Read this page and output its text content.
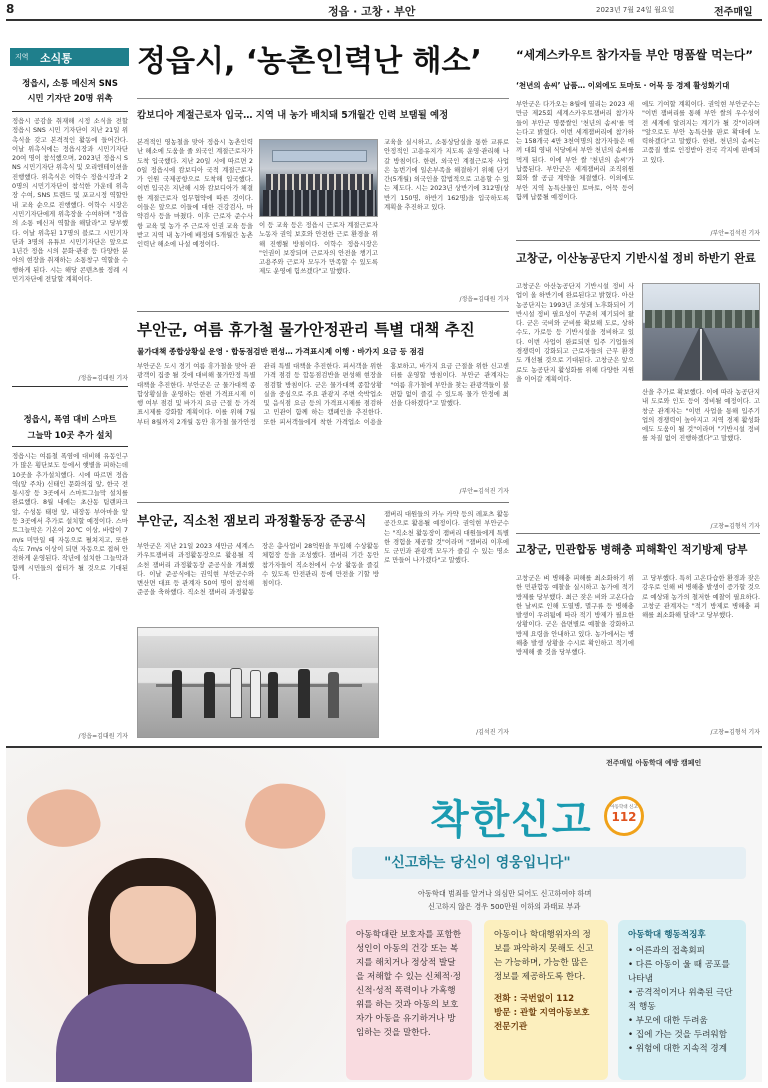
8	정읍 · 고창 · 부안	2023년 7월 24일 월요일	전주매일
지역 소식통
정읍시, 소통 메신저 SNS
시민 기자단 20명 위촉
정읍시 공감을 취재해 시정 소식을 전할 정읍시 SNS 시민 기자단이 지난 21일 위촉식을 갖고 본격적인 활동에 들어간다. 이날 위촉식에는 정읍시장과 시민기자단 20여 명이 참석했으며, 2023년 정읍시 SNS 시민기자단 위촉식 및 오리엔테이션을 진행했다. 위촉식은 이학수 정읍시장과 20명의 시민기자단이 참석한 가운데 위촉장 수여, SNS 트렌드 및 포교시정 역할안내 교육 순으로 진행했다. 이학수 시장은 시민기자단에게 위촉장을 수여하며 "정읍의 소통 메신저 역할을 해달라"고 당부했다. 이날 위촉된 17명의 블로그 시민기자단과 3명의 유튜브 시민기자단은 앞으로 1년간 정읍 시의 문화·관광 등 다양한 분야의 현장을 취재하는 소통창구 역할을 수행하게 된다. 시는 해당 콘텐츠를 정례 시민기자단에 전달할 계획이다.
/정읍=김대원 기자
정읍시, 폭염 대비 스마트
그늘막 10곳 추가 설치
정읍시는 여름철 폭염에 대비해 유동인구가 많은 횡단보도 등에서 햇볕을 피하는데 10곳을 추가설치했다. 시에 따르면 정읍역(앞 주차) 신태인 문화의집 앞, 한국 전통시장 등 3곳에서 스마트그늘막 설치를 완료했다. 8월 내에는 초산동 팀랜파크 앞, 수성동 태평 앞, 내장동 부아마을 앞 등 3곳에서 추가로 설치할 예정이다. 스마트그늘막은 기온이 20℃ 이상, 바람이 7m/s 미만일 때 자동으로 펼쳐지고, 또한 속도 7m/s 이상이 되면 자동으로 접혀 안전하게 운영된다. 작년에 설치한 그늘막과 함께 시민들의 쉼터가 될 것으로 기대된다.
/정읍=김대원 기자
정읍시, ‘농촌인력난 해소’
캄보디아 계절근로자 입국… 지역 내 농가 배치돼 5개월간 인력 보탬될 예정
본격적인 영농철을 맞아 정읍시 농촌인력난 해소에 도움을 줄 외국인 계절근로자가 도착 입국했다. 지난 20일 시에 따르면 20일 정읍시에 캄보디아 국적 계절근로자가 인원 국제공항으로 도착해 입국했다. 이번 입국은 지난해 시와 캄보디아가 체결한 계절근로자 업무협약에 따른 것이다. 이들은 앞으로 이들에 대한 건강검사, 마약검사 등을 마쳤다. 이후 근로자 준수사항 교육 및 농가 주 근로자 인권 교육 등을 받고 지역 내 농가에 배정돼 5개월간 농촌인력난 해소에 나설 예정이다.
이 등 교육 등은 정읍시 근로자 계절근로자 노동자 권익 보호와 안전한 근로 환경을 위해 진행될 방침이다. 이학수 정읍시장은 "인권이 보장되며 근로자의 안전을 챙기고 고용주와 근로자 모두가 만족할 수 있도록 제도 운영에 힘쓰겠다"고 말했다.
교육을 실시하고, 소통상담실을 통한 교류로 안정적인 고용유지가 지도록 운영·관리해 나갈 방침이다. 한편, 외국인 계절근로자 사업은 농번기에 일손부족을 해결하기 위해 단기간(5개월) 외국인을 합법적으로 고용할 수 있는 제도다. 시는 2023년 상반기에 312명(상반기 150명, 하반기 162명)을 입국하도록 계획을 추진하고 있다.
/정읍=김대원 기자
부안군, 여름 휴가철 물가안정관리 특별 대책 추진
물가대책 종합상황실 운영 · 합동점검반 편성… 가격표시제 이행 · 바가지 요금 등 점검
부안군은 도시 경기 여름 휴가철을 맞아 관광객이 집중 될 것에 대비해 물가안정 특별대책을 추진한다. 부안군은 군 물가대책 종합상황실을 운영하는 한편 가격표시제 이행 여부 점검 및 바가지 요금 근절 등 가격표시제를 강화할 계획이다. 이를 위해 7월부터 8월까지 2개월 동안 휴가철 물가안정관리 특별 대책을 추진한다. 피서객을 위한 가격 점검 등 합동점검반을 편성해 현장을 점검할 방침이다. 군은 물가대책 종합상황실을 중심으로 주요 관광지 주변 숙박업소 및 음식점 요금 등의 가격표시제를 점검하고 민관이 함께 하는 캠페인을 추진한다. 또한 피서객들에게 착한 가격업소 이용을 홍보하고, 바가지 요금 근절을 위한 신고센터를 운영할 방침이다. 부안군 관계자는 "여름 휴가철에 부안을 찾는 관광객들이 불편함 없이 즐길 수 있도록 물가 안정에 최선을 다하겠다"고 말했다.
/부안=김석진 기자
부안군, 직소천 잼보리 과정활동장 준공식
부안군은 지난 21일 2023 새만금 세계스카우트잼버리 과정활동장으로 활용될 직소천 잼버리 과정활동장 준공식을 개최했다. 이날 준공식에는 권익현 부안군수와 변산면 대표 등 관계자 50여 명이 참석해 준공을 축하했다. 직소천 잼버리 과정활동장은 총사업비 28억원을 투입해 수상활동 체험장 등을 조성했다. 잼버리 기간 동안 참가자들이 직소천에서 수상 활동을 즐길 수 있도록 안전관리 등에 만전을 기할 방침이다.
잼버리 대원들의 카누 카약 등의 레포츠 활동 공간으로 활용될 예정이다. 권익현 부안군수는 "직소천 활동장이 잼버리 대원들에게 특별한 경험을 제공할 것"이라며 "잼버리 이후에도 군민과 관광객 모두가 즐길 수 있는 명소로 만들어 나가겠다"고 말했다.
/김석진 기자
“세계스카우트 참가자들 부안 명품쌀 먹는다”
‘천년의 솜씨’ 납품… 이외에도 토마토 · 어묵 등 경제 활성화기대
부안군은 다가오는 8월에 열리는 2023 새만금 제25회 세계스카우트잼버리 참가자들이 부안군 명품쌀인 '천년의 솜씨'를 먹는다고 밝혔다. 이번 세계잼버리에 참가하는 158개국 4만 3천여명의 참가자들은 매끼 대회 영내 식당에서 부안 천년의 솜씨를 먹게 된다. 이에 부안 쌀 '천년의 솜씨'가 납품된다. 부안군은 세계잼버리 조직위원회와 쌀 공급 계약을 체결했다. 이외에도 부안 지역 농특산물인 토마토, 어묵 등이 함께 납품될 예정이다.
에도 기여할 계획이다. 권익현 부안군수는 "이번 잼버리를 통해 부안 쌀의 우수성이 전 세계에 알려지는 계기가 될 것"이라며 "앞으로도 부안 농특산물 판로 확대에 노력하겠다"고 말했다. 한편, 천년의 솜씨는 고품질 쌀로 인정받아 전국 각지에 판매되고 있다.
/부안=김석진 기자
고창군, 이산농공단지 기반시설 정비 하반기 완료
고창군은 아산농공단지 기반시설 정비 사업이 올 하반기에 완료된다고 밝혔다. 아산농공단지는 1993년 조성돼 노후화되어 기반시설 정비 필요성이 꾸준히 제기되어 왔다. 군은 국비와 군비를 확보해 도로, 상하수도, 가로등 등 기반시설을 정비하고 있다. 이번 사업이 완료되면 입주 기업들의 경쟁력이 강화되고 근로자들의 근무 환경도 개선될 것으로 기대된다. 고창군은 앞으로도 농공단지 활성화를 위해 다양한 지원을 이어갈 계획이다.
산을 추가로 확보했다. 이에 따라 농공단지 내 도로와 인도 등이 정비될 예정이다. 고창군 관계자는 "이번 사업을 통해 입주기업의 경쟁력이 높아지고 지역 경제 활성화에도 도움이 될 것"이라며 "기반시설 정비를 차질 없이 진행하겠다"고 말했다.
/고창=김형석 기자
고창군, 민관합동 병해충 피해확인 적기방제 당부
고창군은 벼 병해충 피해를 최소화하기 위한 민관합동 예찰을 실시하고 농가에 적기 방제를 당부했다. 최근 잦은 비와 고온다습한 날씨로 인해 도열병, 멸구류 등 병해충 발생이 우려됨에 따라 적기 방제가 필요한 상황이다. 군은 읍면별로 예찰을 강화하고 방제 요령을 안내하고 있다. 농가에서는 병해충 발생 상황을 수시로 확인하고 적기에 방제해 줄 것을 당부했다.
고 당부했다. 특히 고온다습한 환경과 잦은 강우로 인해 벼 병해충 발생이 증가할 것으로 예상돼 농가의 철저한 예찰이 필요하다. 고창군 관계자는 "적기 방제로 병해충 피해를 최소화해 달라"고 당부했다.
/고창=김형석 기자
전주매일 아동학대 예방 캠페인
착한신고	아동학대 신고
112
"신고하는 당신이 영웅입니다"
아동학대 범죄를 알거나 의심만 되어도 신고하여야 하며
신고하지 않은 경우 500만원 이하의 과태료 부과
아동학대란 보호자를 포함한 성인이 아동의 건강 또는 복지를 해치거나 정상적 발달을 저해할 수 있는 신체적·정신적·성적 폭력이나 가혹행위를 하는 것과 아동의 보호자가 아동을 유기하거나 방임하는 것을 말한다.
아동이나 학대행위자의 정보를 파악하지 못해도 신고는 가능하며, 가능한 많은 정보를 제공하도록 한다.
전화 : 국번없이 112
방문 : 관할 지역아동보호 전문기관
아동학대 행동적징후
• 어른과의 접촉회피
• 다른 아동이 울 때 공포를 나타냄
• 공격적이거나 위축된 극단적 행동
• 부모에 대한 두려움
• 집에 가는 것을 두려워함
• 위험에 대한 지속적 경계
